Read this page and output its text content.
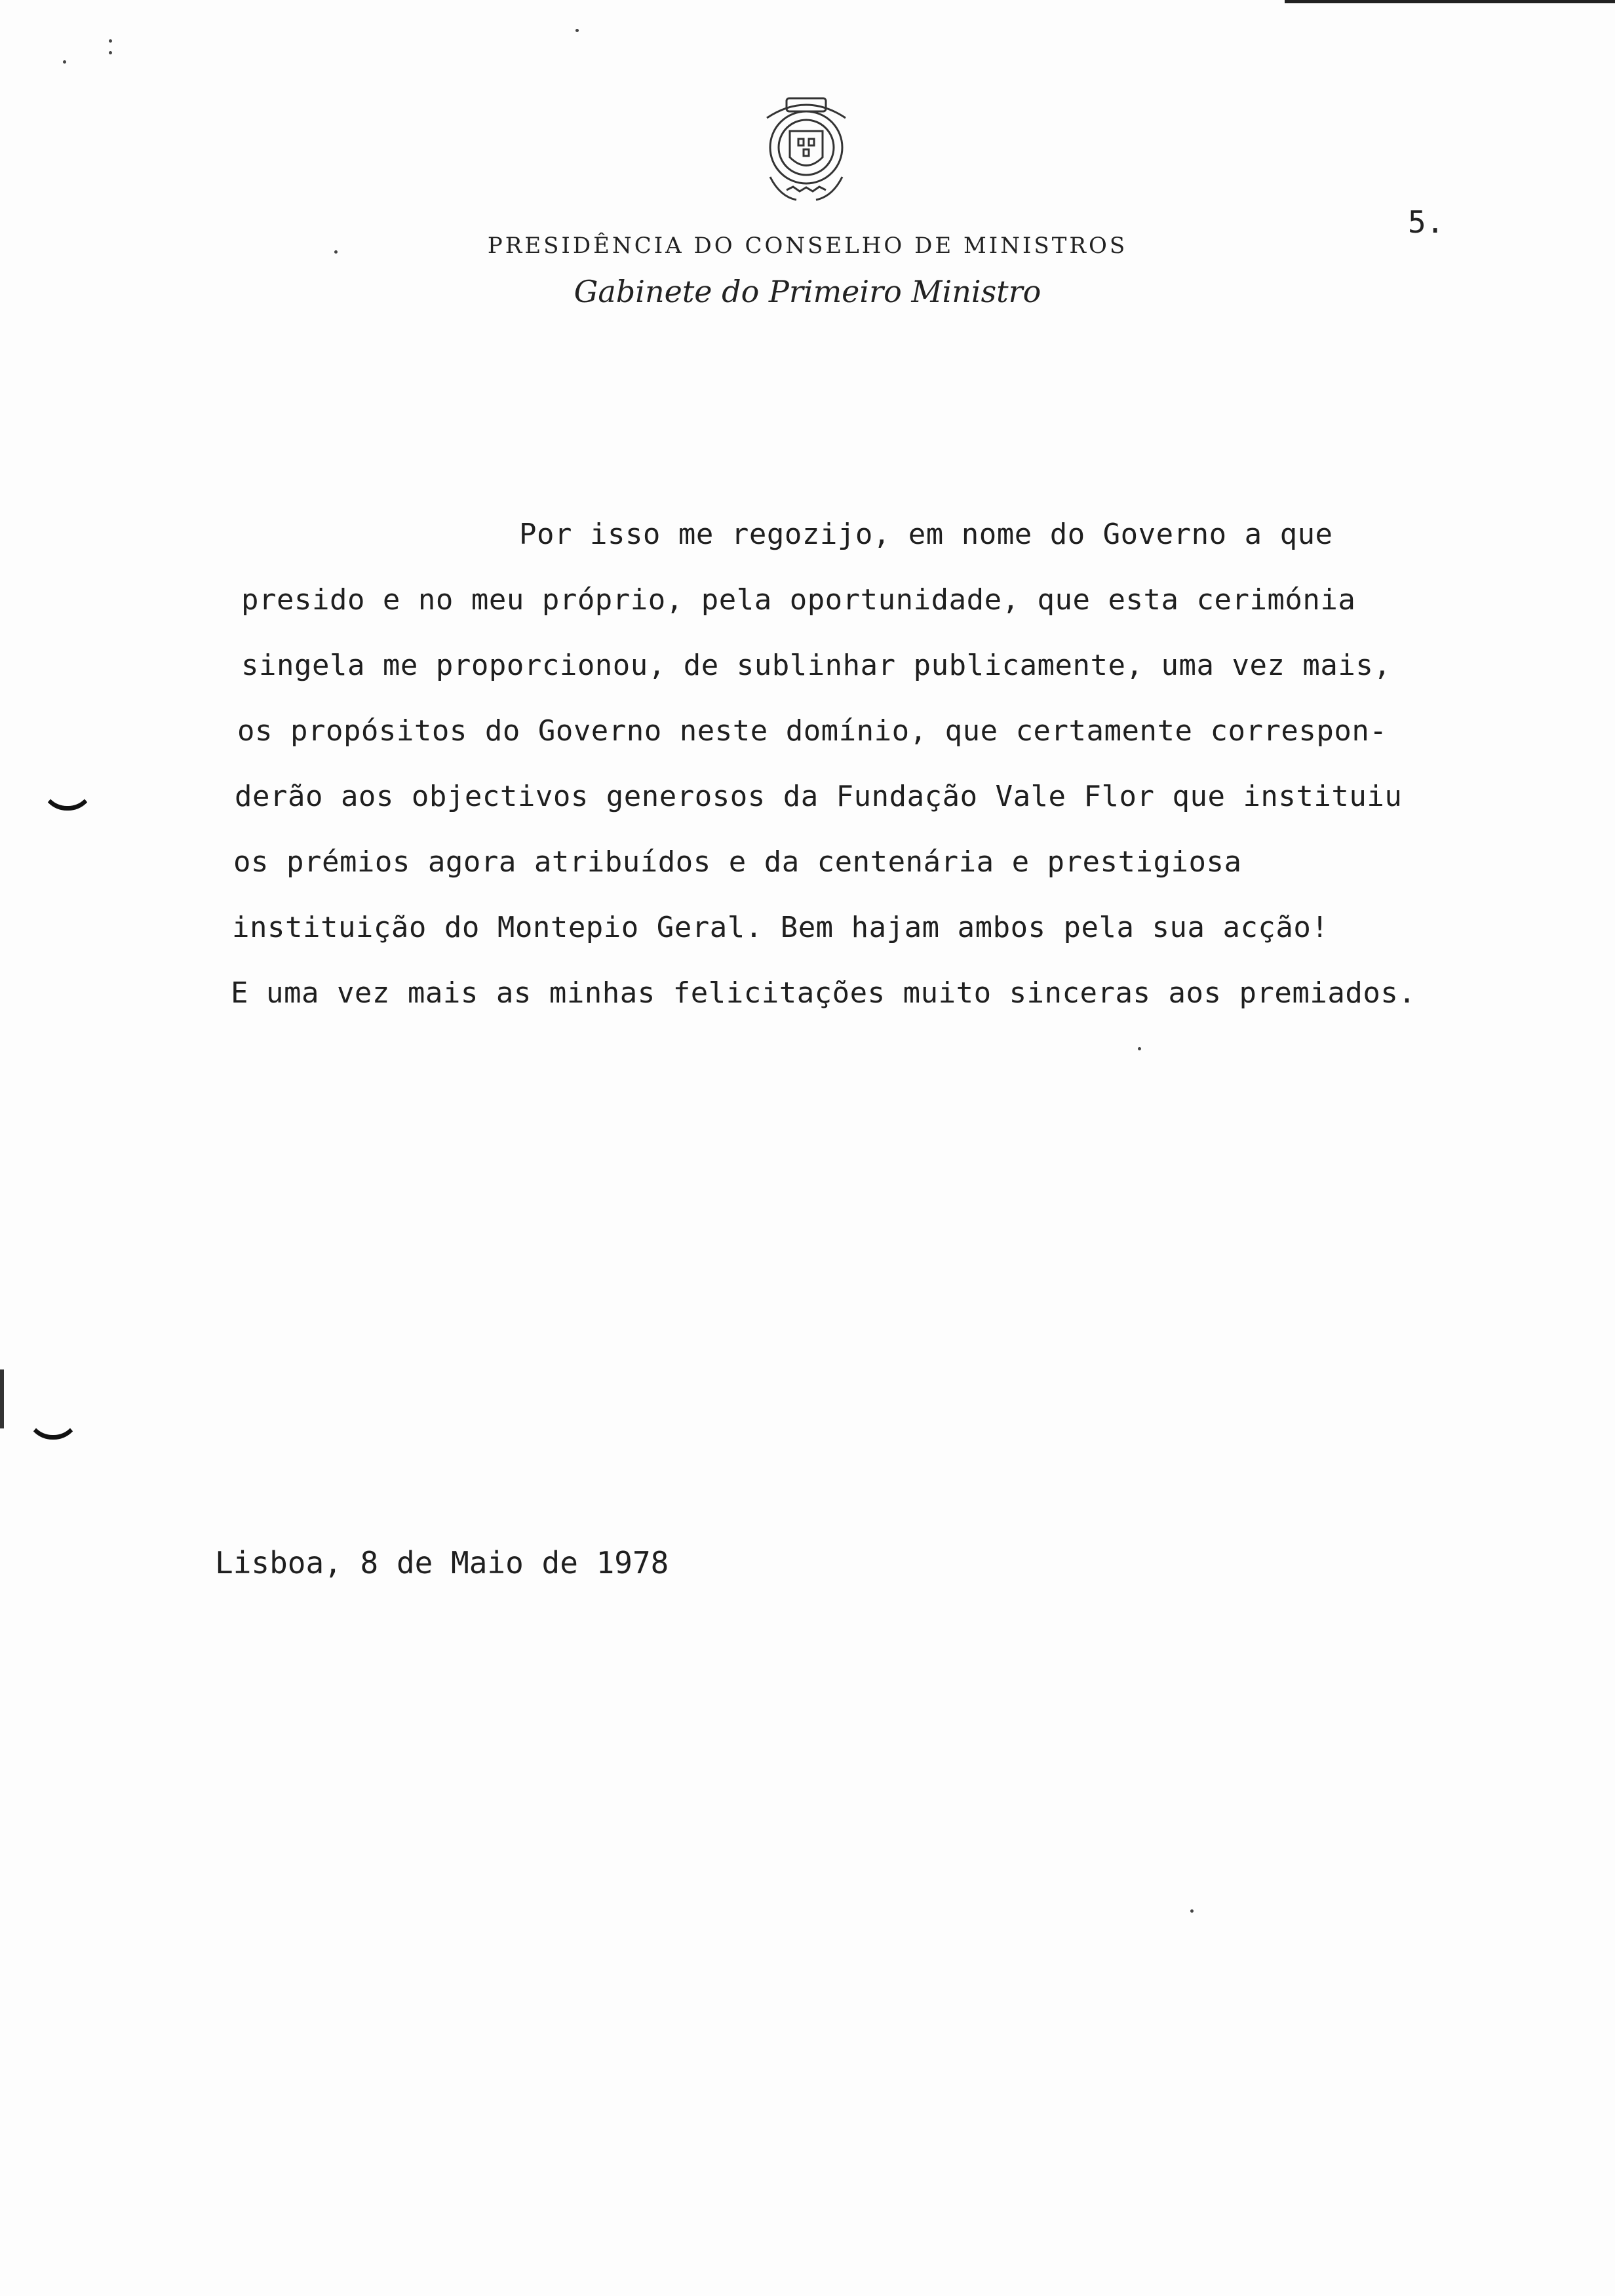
PRESIDÊNCIA DO CONSELHO DE MINISTROS
Gabinete do Primeiro Ministro
5.
Por isso me regozijo, em nome do Governo a que
presido e no meu próprio, pela oportunidade, que esta cerimónia
singela me proporcionou, de sublinhar publicamente, uma vez mais,
os propósitos do Governo neste domínio, que certamente correspon-
derão aos objectivos generosos da Fundação Vale Flor que instituiu
os prémios agora atribuídos e da centenária e prestigiosa
instituição do Montepio Geral. Bem hajam ambos pela sua acção!
E uma vez mais as minhas felicitações muito sinceras aos premiados.
Lisboa, 8 de Maio de 1978
